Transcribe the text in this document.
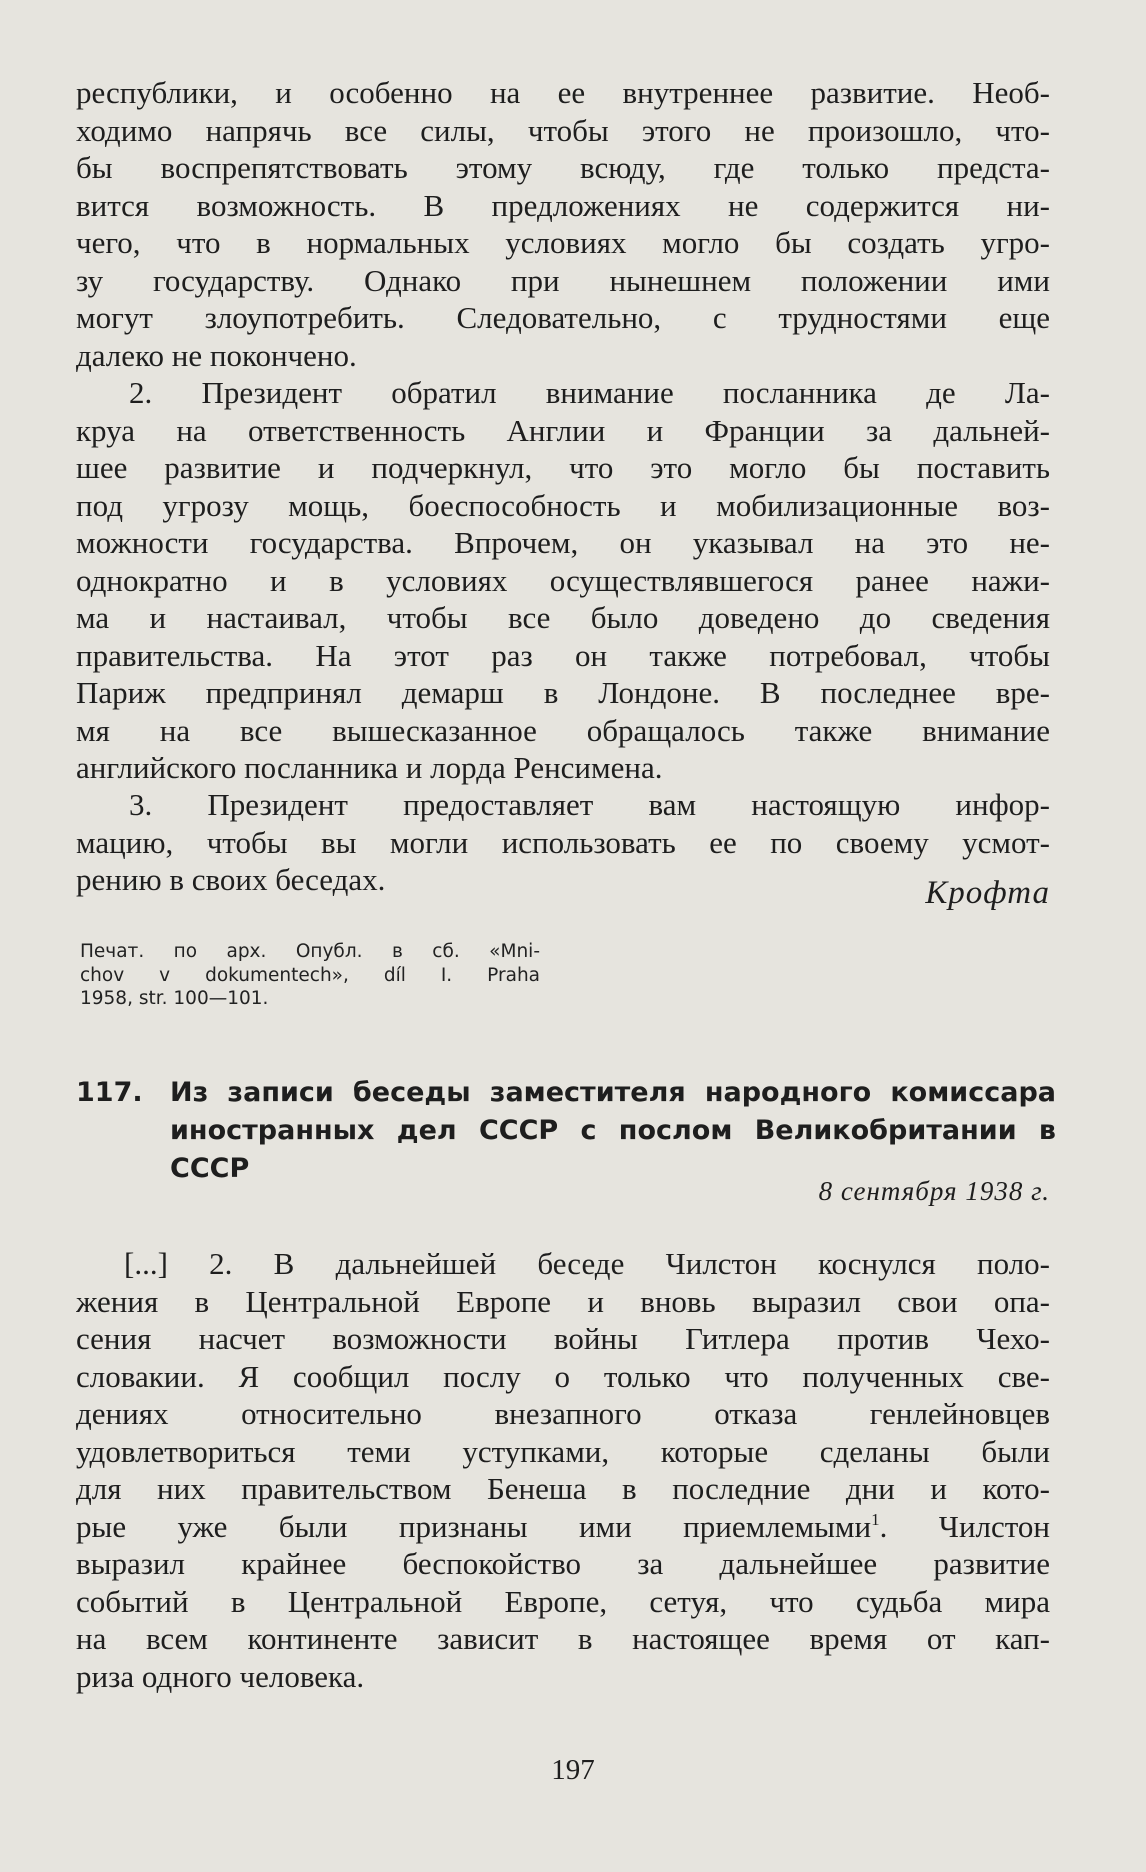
республики, и особенно на ее внутреннее развитие. Необ-
ходимо напрячь все силы, чтобы этого не произошло, что-
бы воспрепятствовать этому всюду, где только предста-
вится возможность. В предложениях не содержится ни-
чего, что в нормальных условиях могло бы создать угро-
зу государству. Однако при нынешнем положении ими
могут злоупотребить. Следовательно, с трудностями еще
далеко не покончено.
2. Президент обратил внимание посланника де Ла-
круа на ответственность Англии и Франции за дальней-
шее развитие и подчеркнул, что это могло бы поставить
под угрозу мощь, боеспособность и мобилизационные воз-
можности государства. Впрочем, он указывал на это не-
однократно и в условиях осуществлявшегося ранее нажи-
ма и настаивал, чтобы все было доведено до сведения
правительства. На этот раз он также потребовал, чтобы
Париж предпринял демарш в Лондоне. В последнее вре-
мя на все вышесказанное обращалось также внимание
английского посланника и лорда Ренсимена.
3. Президент предоставляет вам настоящую инфор-
мацию, чтобы вы могли использовать ее по своему усмот-
рению в своих беседах.	Крофта
Печат. по арх. Опубл. в сб. «Mni-
chov v dokumentech», díl I. Praha
1958, str. 100—101.
117. Из записи беседы заместителя народного комиссара
иностранных дел СССР с послом Великобритании в
СССР
8 сентября 1938 г.
[...] 2. В дальнейшей беседе Чилстон коснулся поло-
жения в Центральной Европе и вновь выразил свои опа-
сения насчет возможности войны Гитлера против Чехо-
словакии. Я сообщил послу о только что полученных све-
дениях относительно внезапного отказа генлейновцев
удовлетвориться теми уступками, которые сделаны были
для них правительством Бенеша в последние дни и кото-
рые уже были признаны ими приемлемыми$^1$. Чилстон
выразил крайнее беспокойство за дальнейшее развитие
событий в Центральной Европе, сетуя, что судьба мира
на всем континенте зависит в настоящее время от кап-
риза одного человека.
197
